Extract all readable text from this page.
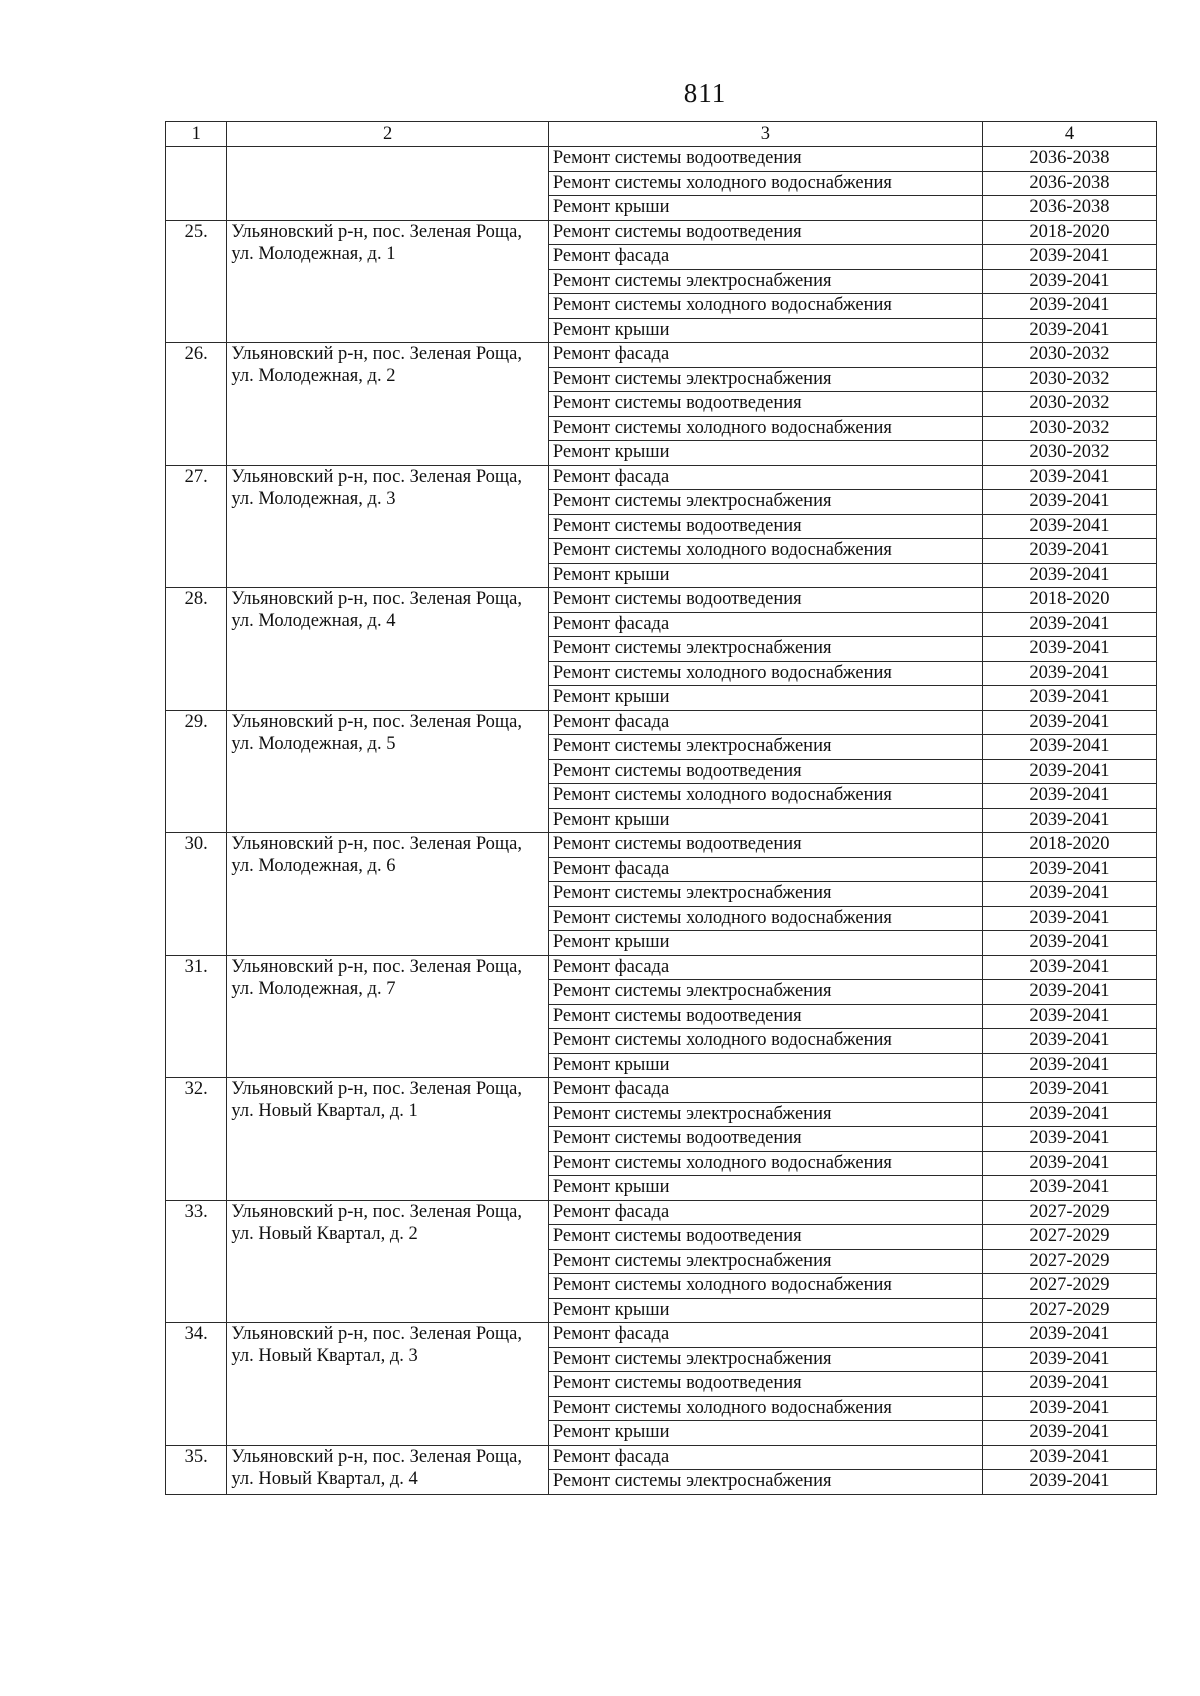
811
1	2	3	4
		Ремонт системы водоотведения	2036-2038
		Ремонт системы холодного водоснабжения	2036-2038
		Ремонт крыши	2036-2038
25.	Ульяновский р-н, пос. Зеленая Роща, ул. Молодежная, д. 1	Ремонт системы водоотведения	2018-2020
		Ремонт фасада	2039-2041
		Ремонт системы электроснабжения	2039-2041
		Ремонт системы холодного водоснабжения	2039-2041
		Ремонт крыши	2039-2041
26.	Ульяновский р-н, пос. Зеленая Роща, ул. Молодежная, д. 2	Ремонт фасада	2030-2032
		Ремонт системы электроснабжения	2030-2032
		Ремонт системы водоотведения	2030-2032
		Ремонт системы холодного водоснабжения	2030-2032
		Ремонт крыши	2030-2032
27.	Ульяновский р-н, пос. Зеленая Роща, ул. Молодежная, д. 3	Ремонт фасада	2039-2041
		Ремонт системы электроснабжения	2039-2041
		Ремонт системы водоотведения	2039-2041
		Ремонт системы холодного водоснабжения	2039-2041
		Ремонт крыши	2039-2041
28.	Ульяновский р-н, пос. Зеленая Роща, ул. Молодежная, д. 4	Ремонт системы водоотведения	2018-2020
		Ремонт фасада	2039-2041
		Ремонт системы электроснабжения	2039-2041
		Ремонт системы холодного водоснабжения	2039-2041
		Ремонт крыши	2039-2041
29.	Ульяновский р-н, пос. Зеленая Роща, ул. Молодежная, д. 5	Ремонт фасада	2039-2041
		Ремонт системы электроснабжения	2039-2041
		Ремонт системы водоотведения	2039-2041
		Ремонт системы холодного водоснабжения	2039-2041
		Ремонт крыши	2039-2041
30.	Ульяновский р-н, пос. Зеленая Роща, ул. Молодежная, д. 6	Ремонт системы водоотведения	2018-2020
		Ремонт фасада	2039-2041
		Ремонт системы электроснабжения	2039-2041
		Ремонт системы холодного водоснабжения	2039-2041
		Ремонт крыши	2039-2041
31.	Ульяновский р-н, пос. Зеленая Роща, ул. Молодежная, д. 7	Ремонт фасада	2039-2041
		Ремонт системы электроснабжения	2039-2041
		Ремонт системы водоотведения	2039-2041
		Ремонт системы холодного водоснабжения	2039-2041
		Ремонт крыши	2039-2041
32.	Ульяновский р-н, пос. Зеленая Роща, ул. Новый Квартал, д. 1	Ремонт фасада	2039-2041
		Ремонт системы электроснабжения	2039-2041
		Ремонт системы водоотведения	2039-2041
		Ремонт системы холодного водоснабжения	2039-2041
		Ремонт крыши	2039-2041
33.	Ульяновский р-н, пос. Зеленая Роща, ул. Новый Квартал, д. 2	Ремонт фасада	2027-2029
		Ремонт системы водоотведения	2027-2029
		Ремонт системы электроснабжения	2027-2029
		Ремонт системы холодного водоснабжения	2027-2029
		Ремонт крыши	2027-2029
34.	Ульяновский р-н, пос. Зеленая Роща, ул. Новый Квартал, д. 3	Ремонт фасада	2039-2041
		Ремонт системы электроснабжения	2039-2041
		Ремонт системы водоотведения	2039-2041
		Ремонт системы холодного водоснабжения	2039-2041
		Ремонт крыши	2039-2041
35.	Ульяновский р-н, пос. Зеленая Роща, ул. Новый Квартал, д. 4	Ремонт фасада	2039-2041
		Ремонт системы электроснабжения	2039-2041
